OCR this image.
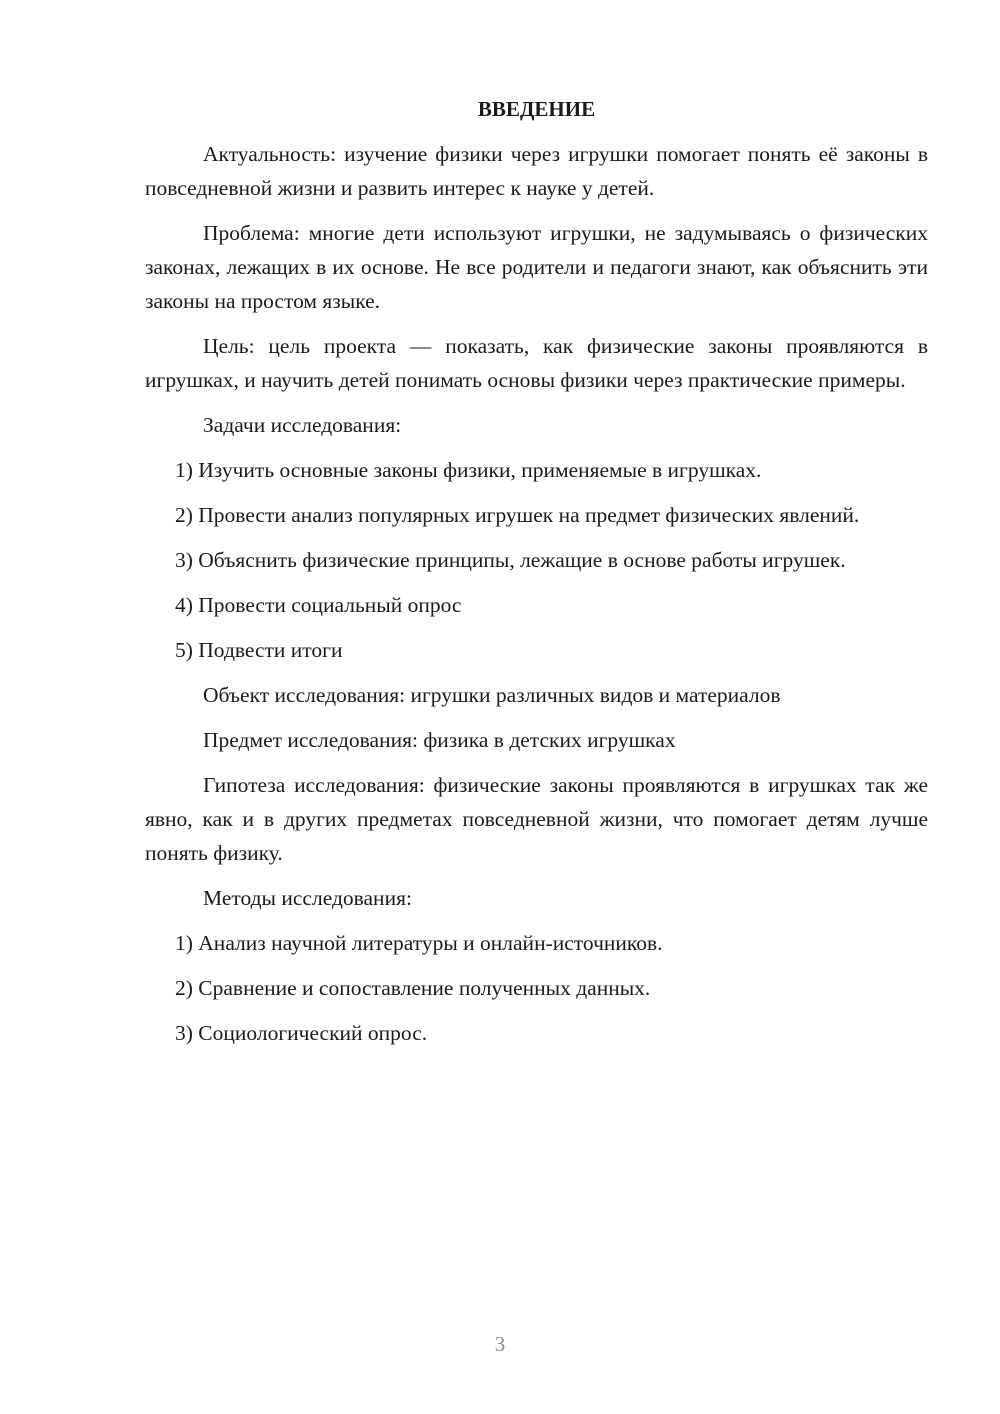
ВВЕДЕНИЕ

Актуальность: изучение физики через игрушки помогает понять её законы в повседневной жизни и развить интерес к науке у детей.

Проблема: многие дети используют игрушки, не задумываясь о физических законах, лежащих в их основе. Не все родители и педагоги знают, как объяснить эти законы на простом языке.

Цель: цель проекта — показать, как физические законы проявляются в игрушках, и научить детей понимать основы физики через практические примеры.

Задачи исследования:

1) Изучить основные законы физики, применяемые в игрушках.

2) Провести анализ популярных игрушек на предмет физических явлений.

3) Объяснить физические принципы, лежащие в основе работы игрушек.

4) Провести социальный опрос

5) Подвести итоги

Объект исследования: игрушки различных видов и материалов

Предмет исследования: физика в детских игрушках

Гипотеза исследования: физические законы проявляются в игрушках так же явно, как и в других предметах повседневной жизни, что помогает детям лучше понять физику.

Методы исследования:

1) Анализ научной литературы и онлайн-источников.

2) Сравнение и сопоставление полученных данных.

3) Социологический опрос.

3
